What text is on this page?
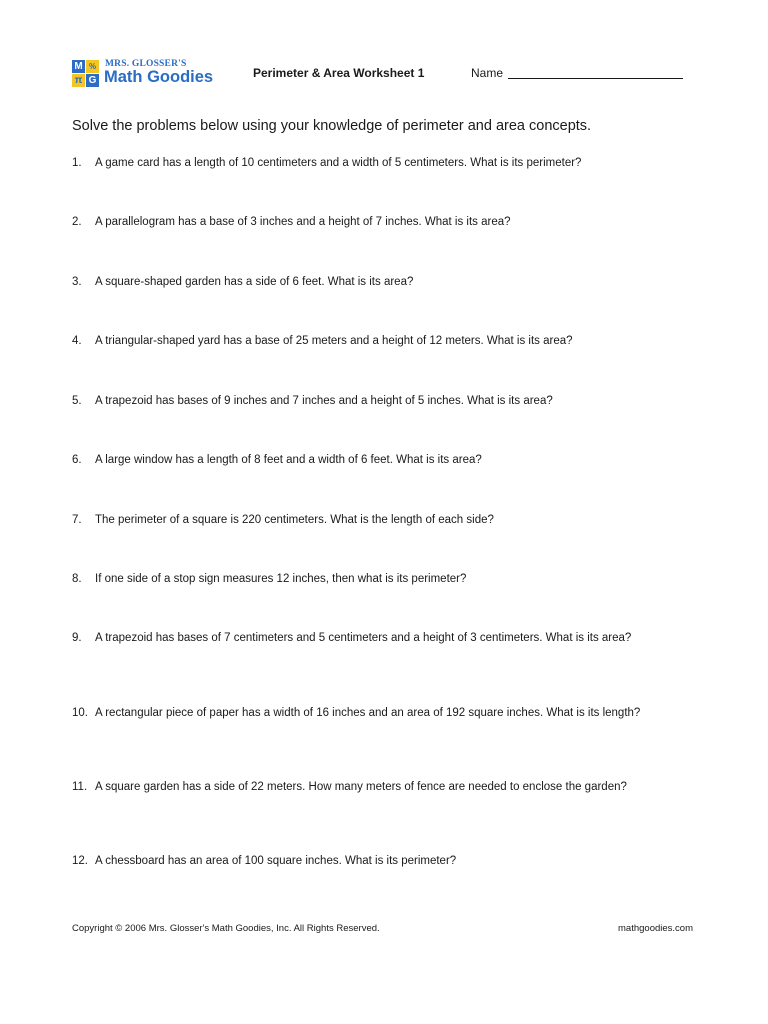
M %
π G
MRS. GLOSSER'S
Math Goodies	Perimeter & Area Worksheet 1	Name
Solve the problems below using your knowledge of perimeter and area concepts.
1.	A game card has a length of 10 centimeters and a width of 5 centimeters. What is its perimeter?
2.	A parallelogram has a base of 3 inches and a height of 7 inches. What is its area?
3.	A square-shaped garden has a side of 6 feet. What is its area?
4.	A triangular-shaped yard has a base of 25 meters and a height of 12 meters. What is its area?
5.	A trapezoid has bases of 9 inches and 7 inches and a height of 5 inches. What is its area?
6.	A large window has a length of 8 feet and a width of 6 feet. What is its area?
7.	The perimeter of a square is 220 centimeters. What is the length of each side?
8.	If one side of a stop sign measures 12 inches, then what is its perimeter?
9.	A trapezoid has bases of 7 centimeters and 5 centimeters and a height of 3 centimeters. What is its area?
10. A rectangular piece of paper has a width of 16 inches and an area of 192 square inches. What is its length?
11. A square garden has a side of 22 meters. How many meters of fence are needed to enclose the garden?
12. A chessboard has an area of 100 square inches. What is its perimeter?
Copyright © 2006 Mrs. Glosser's Math Goodies, Inc. All Rights Reserved.	mathgoodies.com
